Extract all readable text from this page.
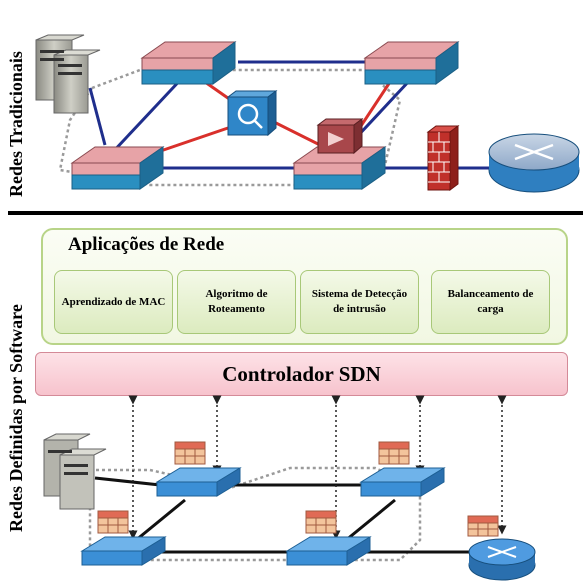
Redes Tradicionais
Redes Definidas por Software
Aplicações de Rede
Aprendizado de MAC
Algoritmo de Roteamento
Sistema de Detecção de intrusão
Balanceamento de carga
Controlador SDN
